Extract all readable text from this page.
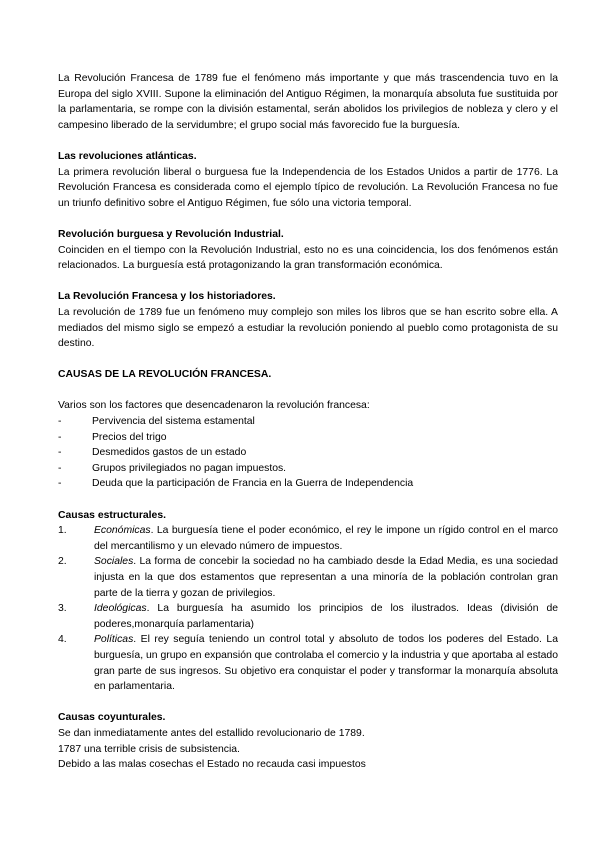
La Revolución Francesa de 1789 fue el fenómeno más importante y que más trascendencia tuvo en la Europa del siglo XVIII. Supone la eliminación del Antiguo Régimen, la monarquía absoluta fue sustituida por la parlamentaria, se rompe con la división estamental, serán abolidos los privilegios de nobleza y clero y el campesino liberado de la servidumbre; el grupo social más favorecido fue la burguesía.

Las revoluciones atlánticas.

La primera revolución liberal o burguesa fue la Independencia de los Estados Unidos a partir de 1776. La Revolución Francesa es considerada como el ejemplo típico de revolución. La Revolución Francesa no fue un triunfo definitivo sobre el Antiguo Régimen, fue sólo una victoria temporal.

Revolución burguesa y Revolución Industrial.

Coinciden en el tiempo con la Revolución Industrial, esto no es una coincidencia, los dos fenómenos están relacionados. La burguesía está protagonizando la gran transformación económica.

La Revolución Francesa y los historiadores.

La revolución de 1789 fue un fenómeno muy complejo son miles los libros que se han escrito sobre ella. A mediados del mismo siglo se empezó a estudiar la revolución poniendo al pueblo como protagonista de su destino.

CAUSAS DE LA REVOLUCIÓN FRANCESA.

Varios son los factores que desencadenaron la revolución francesa:

-	Pervivencia del sistema estamental
-	Precios del trigo
-	Desmedidos gastos de un estado
-	Grupos privilegiados no pagan impuestos.
-	Deuda que la participación de Francia en la Guerra de Independencia

Causas estructurales.

1.	Económicas. La burguesía tiene el poder económico, el rey le impone un rígido control en el marco del mercantilismo y un elevado número de impuestos.
2.	Sociales. La forma de concebir la sociedad no ha cambiado desde la Edad Media, es una sociedad injusta en la que dos estamentos que representan a una minoría de la población controlan gran parte de la tierra y gozan de privilegios.
3.	Ideológicas. La burguesía ha asumido los principios de los ilustrados. Ideas (división de poderes,monarquía parlamentaria)
4.	Políticas. El rey seguía teniendo un control total y absoluto de todos los poderes del Estado. La burguesía, un grupo en expansión que controlaba el comercio y la industria y que aportaba al estado gran parte de sus ingresos. Su objetivo era conquistar el poder y transformar la monarquía absoluta en parlamentaria.

Causas coyunturales.

Se dan inmediatamente antes del estallido revolucionario de 1789.

1787 una terrible crisis de subsistencia.

Debido a las malas cosechas el Estado no recauda casi impuestos
